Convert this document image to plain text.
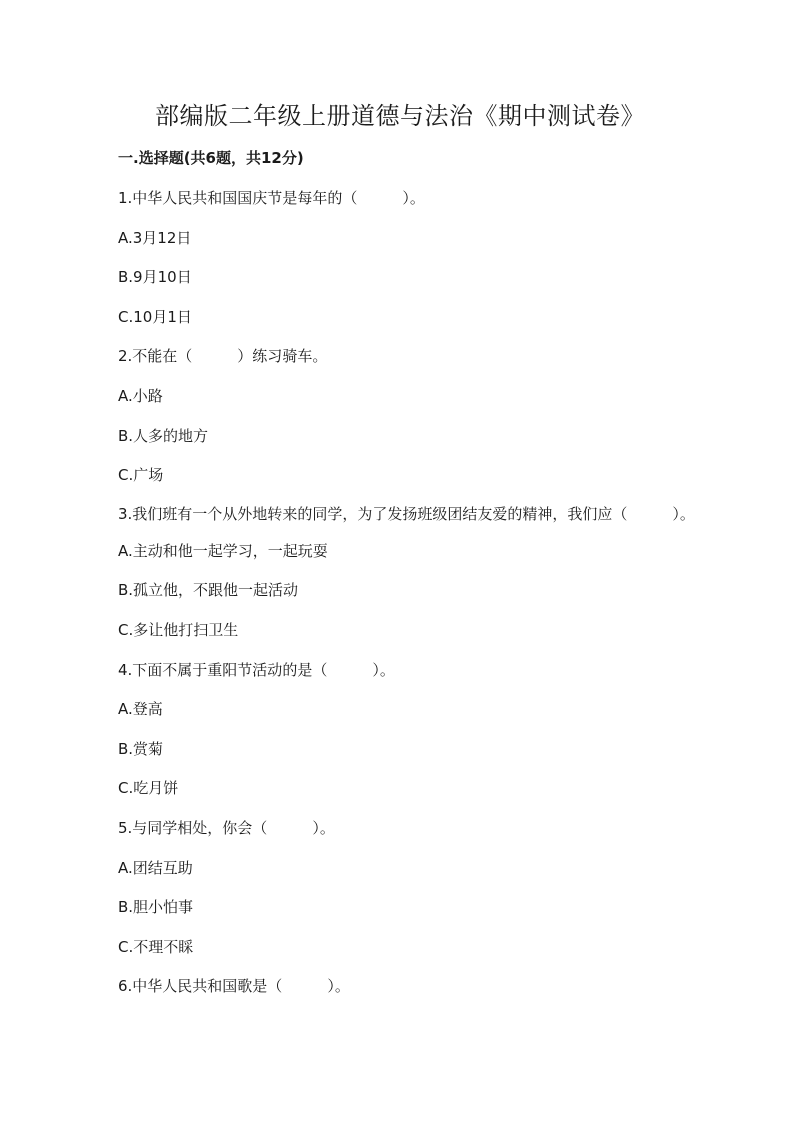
部编版二年级上册道德与法治《期中测试卷》
一.选择题(共6题，共12分)
1.中华人民共和国国庆节是每年的（　　　）。
A.3月12日
B.9月10日
C.10月1日
2.不能在（　　　）练习骑车。
A.小路
B.人多的地方
C.广场
3.我们班有一个从外地转来的同学，为了发扬班级团结友爱的精神，我们应（　　　）。
A.主动和他一起学习，一起玩耍
B.孤立他，不跟他一起活动
C.多让他打扫卫生
4.下面不属于重阳节活动的是（　　　）。
A.登高
B.赏菊
C.吃月饼
5.与同学相处，你会（　　　）。
A.团结互助
B.胆小怕事
C.不理不睬
6.中华人民共和国歌是（　　　）。
